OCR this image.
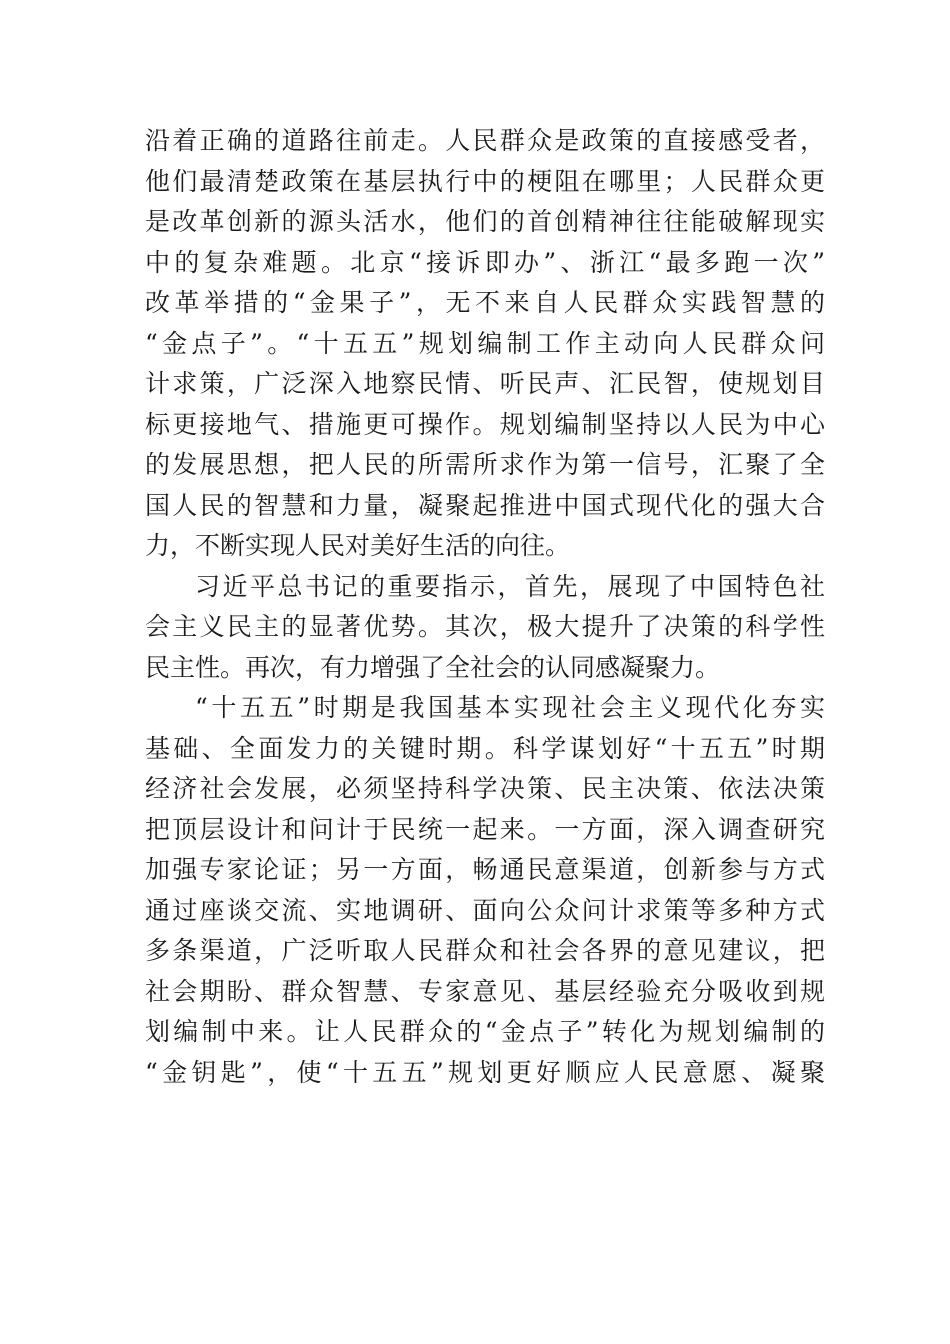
沿着正确的道路往前走。人民群众是政策的直接感受者，
他们最清楚政策在基层执行中的梗阻在哪里；人民群众更
是改革创新的源头活水，他们的首创精神往往能破解现实
中的复杂难题。北京“接诉即办”、浙江“最多跑一次”
改革举措的“金果子”，无不来自人民群众实践智慧的
“金点子”。“十五五”规划编制工作主动向人民群众问
计求策，广泛深入地察民情、听民声、汇民智，使规划目
标更接地气、措施更可操作。规划编制坚持以人民为中心
的发展思想，把人民的所需所求作为第一信号，汇聚了全
国人民的智慧和力量，凝聚起推进中国式现代化的强大合
力，不断实现人民对美好生活的向往。
习近平总书记的重要指示，首先，展现了中国特色社
会主义民主的显著优势。其次，极大提升了决策的科学性
民主性。再次，有力增强了全社会的认同感凝聚力。
“十五五”时期是我国基本实现社会主义现代化夯实
基础、全面发力的关键时期。科学谋划好“十五五”时期
经济社会发展，必须坚持科学决策、民主决策、依法决策
把顶层设计和问计于民统一起来。一方面，深入调查研究
加强专家论证；另一方面，畅通民意渠道，创新参与方式
通过座谈交流、实地调研、面向公众问计求策等多种方式
多条渠道，广泛听取人民群众和社会各界的意见建议，把
社会期盼、群众智慧、专家意见、基层经验充分吸收到规
划编制中来。让人民群众的“金点子”转化为规划编制的
“金钥匙”，使“十五五”规划更好顺应人民意愿、凝聚
